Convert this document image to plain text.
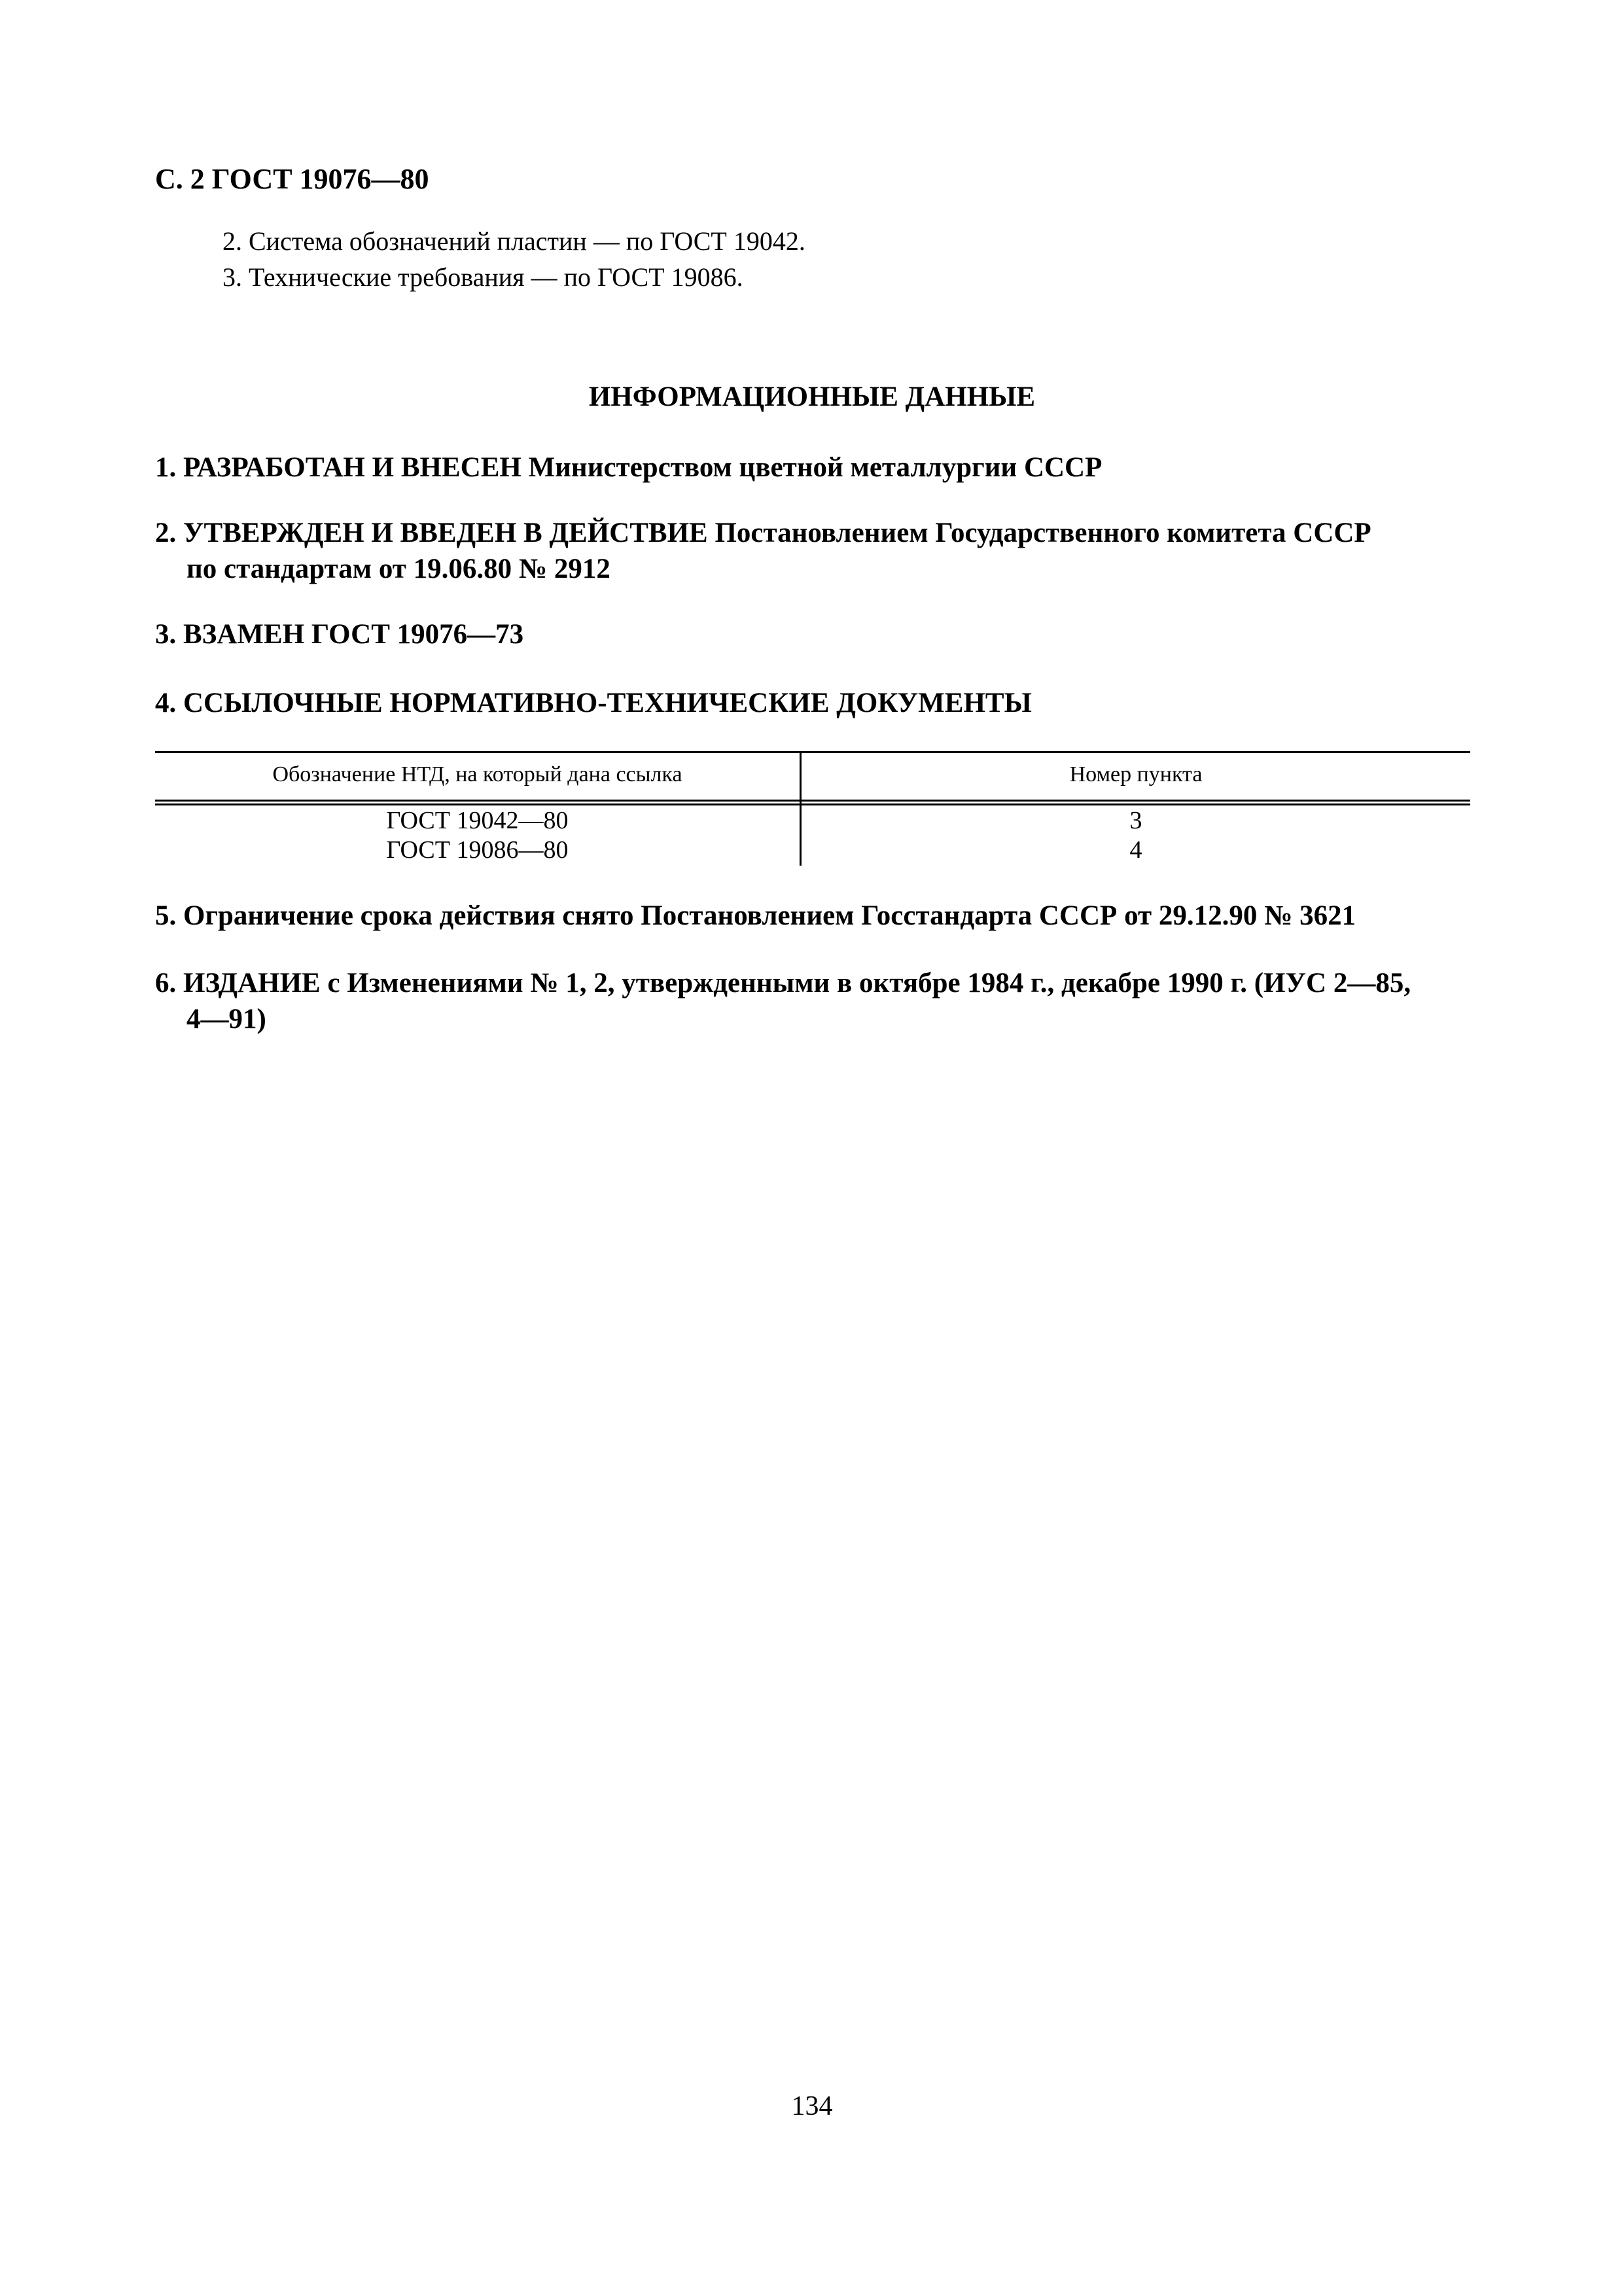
С. 2 ГОСТ 19076—80
2. Система обозначений пластин — по ГОСТ 19042.
3. Технические требования — по ГОСТ 19086.
ИНФОРМАЦИОННЫЕ ДАННЫЕ
1. РАЗРАБОТАН И ВНЕСЕН Министерством цветной металлургии СССР
2. УТВЕРЖДЕН И ВВЕДЕН В ДЕЙСТВИЕ Постановлением Государственного комитета СССР
по стандартам от 19.06.80 № 2912
3. ВЗАМЕН ГОСТ 19076—73
4. ССЫЛОЧНЫЕ НОРМАТИВНО-ТЕХНИЧЕСКИЕ ДОКУМЕНТЫ
Обозначение НТД, на который дана ссылка	Номер пункта
ГОСТ 19042—80	3
ГОСТ 19086—80	4
5. Ограничение срока действия снято Постановлением Госстандарта СССР от 29.12.90 № 3621
6. ИЗДАНИЕ с Изменениями № 1, 2, утвержденными в октябре 1984 г., декабре 1990 г. (ИУС 2—85,
4—91)
134
